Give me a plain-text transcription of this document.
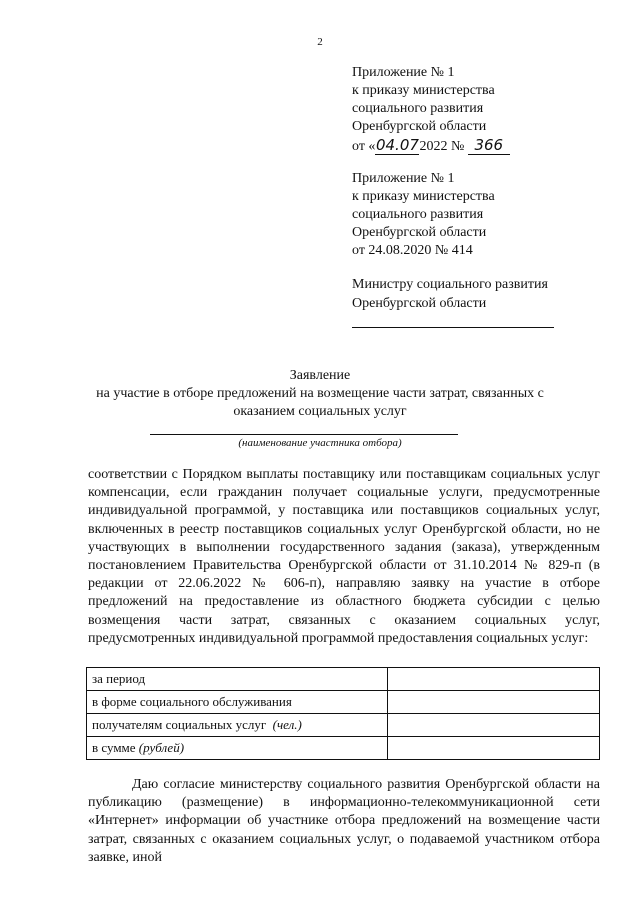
2
Приложение № 1
к приказу министерства
социального развития
Оренбургской области
от «04.072022 № 366
Приложение № 1
к приказу министерства
социального развития
Оренбургской области
от 24.08.2020 № 414
Министру социального развития
Оренбургской области
Заявление
на участие в отборе предложений на возмещение части затрат, связанных с
оказанием социальных услуг
(наименование участника отбора)
соответствии с Порядком выплаты поставщику или поставщикам социальных услуг компенсации, если гражданин получает социальные услуги, предусмотренные индивидуальной программой, у поставщика или поставщиков социальных услуг, включенных в реестр поставщиков социальных услуг Оренбургской области, но не участвующих в выполнении государственного задания (заказа), утвержденным постановлением Правительства Оренбургской области от 31.10.2014 № 829-п (в редакции от 22.06.2022 № 606-п), направляю заявку на участие в отборе предложений на предоставление из областного бюджета субсидии с целью возмещения части затрат, связанных с оказанием социальных услуг, предусмотренных индивидуальной программой предоставления социальных услуг:
за период	
в форме социального обслуживания	
получателям социальных услуг (чел.)	
в сумме (рублей)	
Даю согласие министерству социального развития Оренбургской области на публикацию (размещение) в информационно-телекоммуникационной сети «Интернет» информации об участнике отбора предложений на возмещение части затрат, связанных с оказанием социальных услуг, о подаваемой участником отбора заявке, иной
